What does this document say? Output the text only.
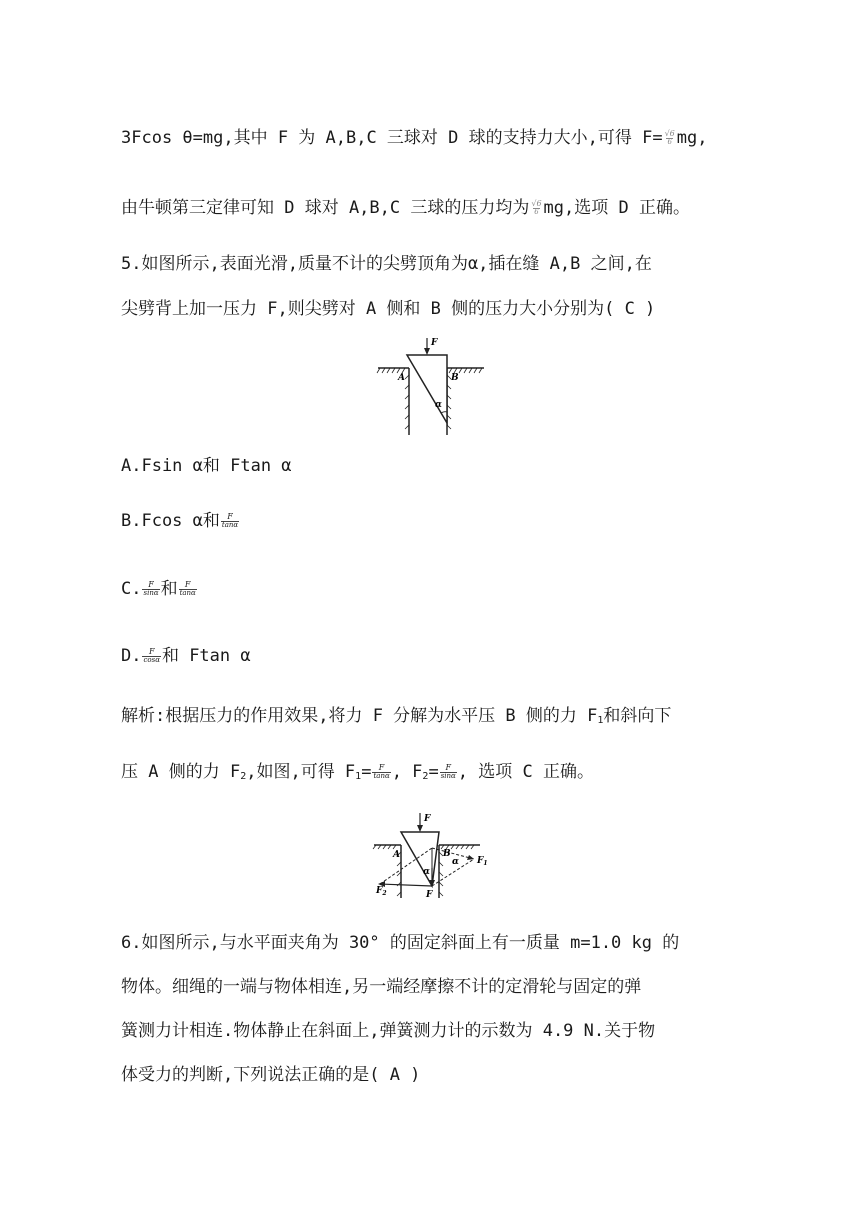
3Fcos θ=mg,其中 F 为 A,B,C 三球对 D 球的支持力大小,可得 $F= \frac{√6}{6}$ mg,
由牛顿第三定律可知 D 球对 A,B,C 三球的压力均为 $\frac{√6}{6}$ mg,选项 D 正确。
5.如图所示,表面光滑,质量不计的尖劈顶角为α,插在缝 A,B 之间,在
尖劈背上加一压力 F,则尖劈对 A 侧和 B 侧的压力大小分别为( C )
F
A	B
α
A.Fsin α和 Ftan α
B.Fcos α和 $\frac{F}{\tan\alpha}$
C. $\frac{F}{\sin\alpha}$ 和 $\frac{F}{\tan\alpha}$
D. $\frac{F}{\cos\alpha}$ 和 Ftan α
解析:根据压力的作用效果,将力 F 分解为水平压 B 侧的力 $F_1$和斜向下
压 A 侧的力 $F_2$,如图,可得 $F_1= \frac{F}{\tan\alpha}$ , $F_2= \frac{F}{\sin\alpha}$ , 选项 C 正确。
F
A	B
α
α
$F_1$
$F_2$	F
6.如图所示,与水平面夹角为 30° 的固定斜面上有一质量 m=1.0 kg 的
物体。细绳的一端与物体相连,另一端经摩擦不计的定滑轮与固定的弹
簧测力计相连.物体静止在斜面上,弹簧测力计的示数为 4.9 N.关于物
体受力的判断,下列说法正确的是( A )
